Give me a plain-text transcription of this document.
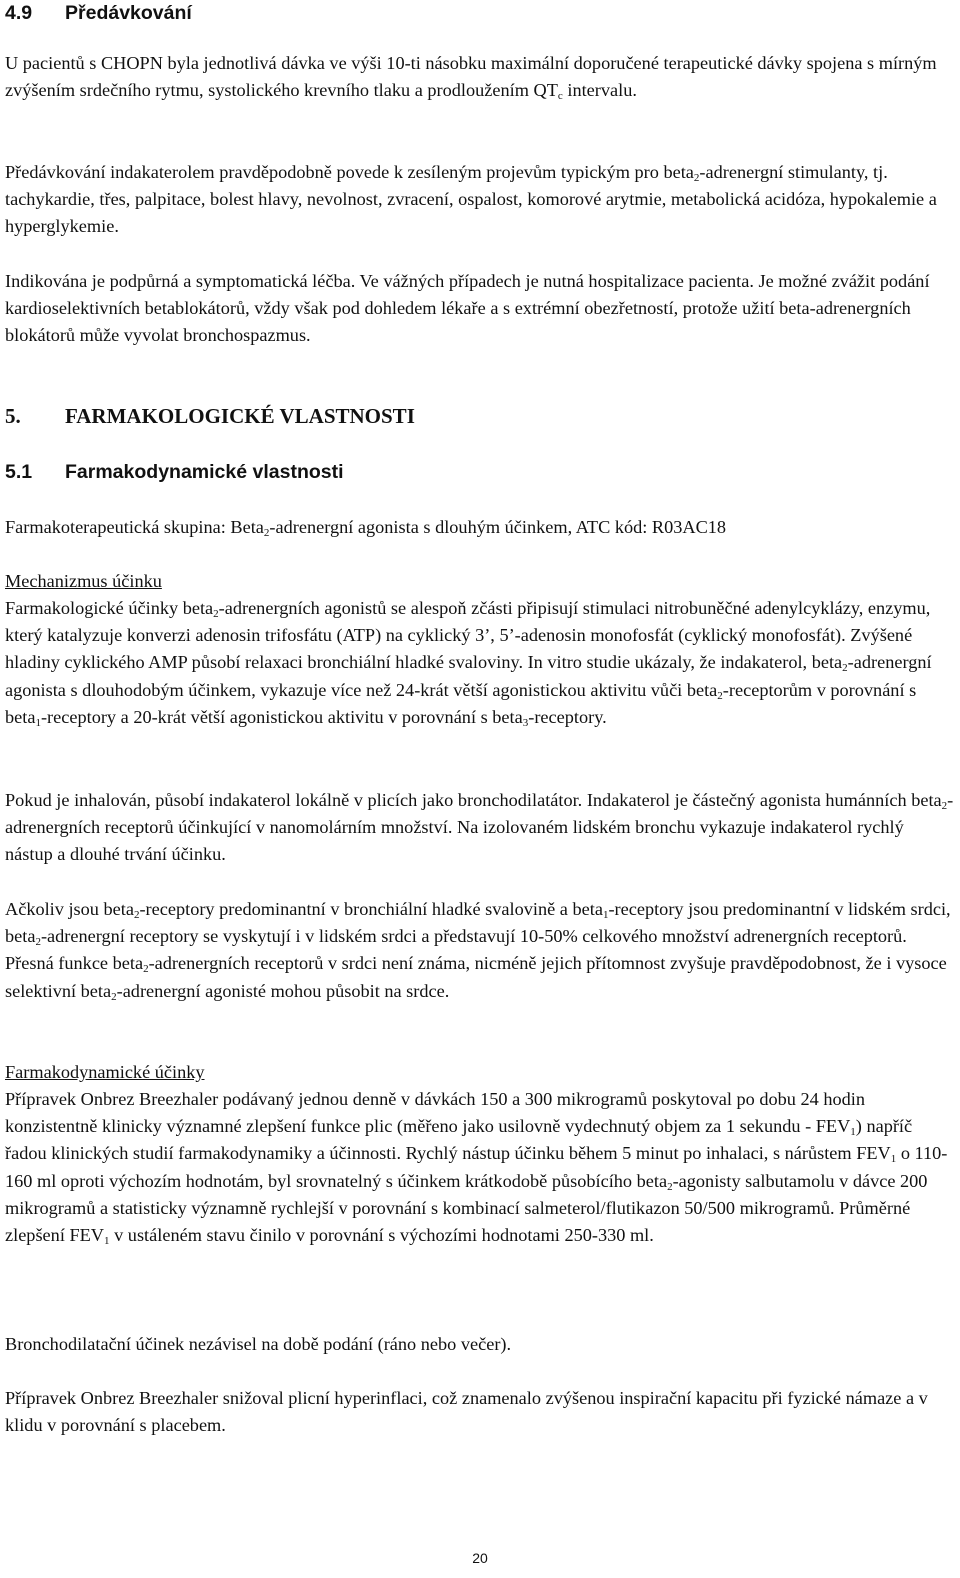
4.9 Předávkování

U pacientů s CHOPN byla jednotlivá dávka ve výši 10-ti násobku maximální doporučené terapeutické dávky spojena s mírným zvýšením srdečního rytmu, systolického krevního tlaku a prodloužením $QT_c$ intervalu.

Předávkování indakaterolem pravděpodobně povede k zesíleným projevům typickým pro beta$_2$-adrenergní stimulanty, tj. tachykardie, třes, palpitace, bolest hlavy, nevolnost, zvracení, ospalost, komorové arytmie, metabolická acidóza, hypokalemie a hyperglykemie.

Indikována je podpůrná a symptomatická léčba. Ve vážných případech je nutná hospitalizace pacienta. Je možné zvážit podání kardioselektivních betablokátorů, vždy však pod dohledem lékaře a s extrémní obezřetností, protože užití beta-adrenergních blokátorů může vyvolat bronchospazmus.

5. FARMAKOLOGICKÉ VLASTNOSTI
5.1 Farmakodynamické vlastnosti

Farmakoterapeutická skupina: Beta$_2$-adrenergní agonista s dlouhým účinkem, ATC kód: R03AC18

Mechanizmus účinku

Farmakologické účinky beta$_2$-adrenergních agonistů se alespoň zčásti připisují stimulaci nitrobuněčné adenylcyklázy, enzymu, který katalyzuje konverzi adenosin trifosfátu (ATP) na cyklický 3’, 5’-adenosin monofosfát (cyklický monofosfát). Zvýšené hladiny cyklického AMP působí relaxaci bronchiální hladké svaloviny. In vitro studie ukázaly, že indakaterol, beta$_2$-adrenergní agonista s dlouhodobým účinkem, vykazuje více než 24-krát větší agonistickou aktivitu vůči beta$_2$-receptorům v porovnání s beta$_1$-receptory a 20-krát větší agonistickou aktivitu v porovnání s beta$_3$-receptory.

Pokud je inhalován, působí indakaterol lokálně v plicích jako bronchodilatátor. Indakaterol je částečný agonista humánních beta$_2$-adrenergních receptorů účinkující v nanomolárním množství. Na izolovaném lidském bronchu vykazuje indakaterol rychlý nástup a dlouhé trvání účinku.

Ačkoliv jsou beta$_2$-receptory predominantní v bronchiální hladké svalovině a beta$_1$-receptory jsou predominantní v lidském srdci, beta$_2$-adrenergní receptory se vyskytují i v lidském srdci a představují 10-50% celkového množství adrenergních receptorů. Přesná funkce beta$_2$-adrenergních receptorů v srdci není známa, nicméně jejich přítomnost zvyšuje pravděpodobnost, že i vysoce selektivní beta$_2$-adrenergní agonisté mohou působit na srdce.

Farmakodynamické účinky

Přípravek Onbrez Breezhaler podávaný jednou denně v dávkách 150 a 300 mikrogramů poskytoval po dobu 24 hodin konzistentně klinicky významné zlepšení funkce plic (měřeno jako usilovně vydechnutý objem za 1 sekundu - $FEV_1$) napříč řadou klinických studií farmakodynamiky a účinnosti. Rychlý nástup účinku během 5 minut po inhalaci, s nárůstem $FEV_1$ o 110-160 ml oproti výchozím hodnotám, byl srovnatelný s účinkem krátkodobě působícího beta$_2$-agonisty salbutamolu v dávce 200 mikrogramů a statisticky významně rychlejší v porovnání s kombinací salmeterol/flutikazon 50/500 mikrogramů. Průměrné zlepšení $FEV_1$ v ustáleném stavu činilo v porovnání s výchozími hodnotami 250-330 ml.

Bronchodilatační účinek nezávisel na době podání (ráno nebo večer).

Přípravek Onbrez Breezhaler snižoval plicní hyperinflaci, což znamenalo zvýšenou inspirační kapacitu při fyzické námaze a v klidu v porovnání s placebem.

20
